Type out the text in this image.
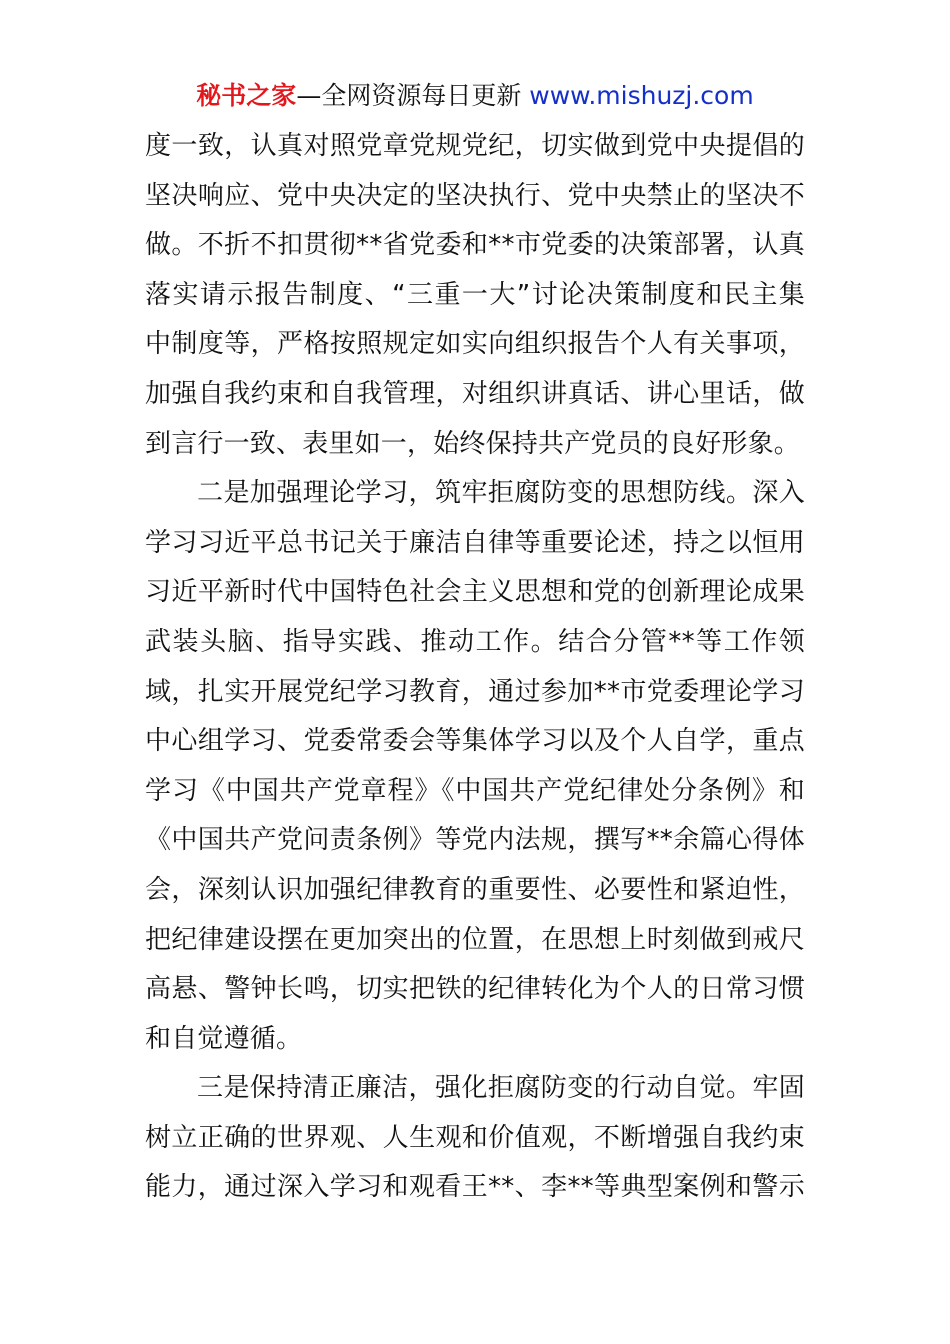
秘书之家—全网资源每日更新 www.mishuzj.com
度一致，认真对照党章党规党纪，切实做到党中央提倡的
坚决响应、党中央决定的坚决执行、党中央禁止的坚决不
做。不折不扣贯彻**省党委和**市党委的决策部署，认真
落实请示报告制度、“三重一大”讨论决策制度和民主集
中制度等，严格按照规定如实向组织报告个人有关事项，
加强自我约束和自我管理，对组织讲真话、讲心里话，做
到言行一致、表里如一，始终保持共产党员的良好形象。
二是加强理论学习，筑牢拒腐防变的思想防线。深入
学习习近平总书记关于廉洁自律等重要论述，持之以恒用
习近平新时代中国特色社会主义思想和党的创新理论成果
武装头脑、指导实践、推动工作。结合分管**等工作领
域，扎实开展党纪学习教育，通过参加**市党委理论学习
中心组学习、党委常委会等集体学习以及个人自学，重点
学习《中国共产党章程》《中国共产党纪律处分条例》和
《中国共产党问责条例》等党内法规，撰写**余篇心得体
会，深刻认识加强纪律教育的重要性、必要性和紧迫性，
把纪律建设摆在更加突出的位置，在思想上时刻做到戒尺
高悬、警钟长鸣，切实把铁的纪律转化为个人的日常习惯
和自觉遵循。
三是保持清正廉洁，强化拒腐防变的行动自觉。牢固
树立正确的世界观、人生观和价值观，不断增强自我约束
能力，通过深入学习和观看王**、李**等典型案例和警示
